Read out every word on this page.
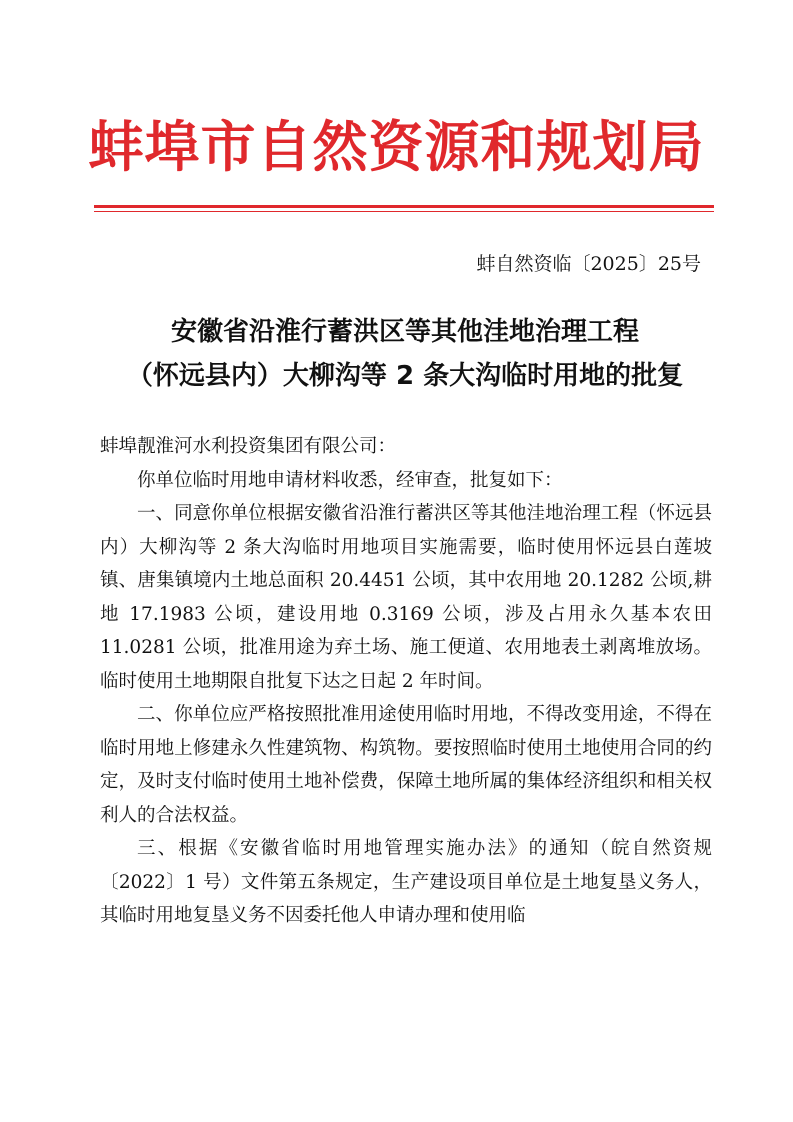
蚌埠市自然资源和规划局
蚌自然资临〔2025〕25号
安徽省沿淮行蓄洪区等其他洼地治理工程
（怀远县内）大柳沟等 2 条大沟临时用地的批复

蚌埠靓淮河水利投资集团有限公司：

你单位临时用地申请材料收悉，经审查，批复如下：

一、同意你单位根据安徽省沿淮行蓄洪区等其他洼地治理工程（怀远县内）大柳沟等 2 条大沟临时用地项目实施需要，临时使用怀远县白莲坡镇、唐集镇境内土地总面积 20.4451 公顷，其中农用地 20.1282 公顷,耕地 17.1983 公顷，建设用地 0.3169 公顷，涉及占用永久基本农田 11.0281 公顷，批准用途为弃土场、施工便道、农用地表土剥离堆放场。临时使用土地期限自批复下达之日起 2 年时间。

二、你单位应严格按照批准用途使用临时用地，不得改变用途，不得在临时用地上修建永久性建筑物、构筑物。要按照临时使用土地使用合同的约定，及时支付临时使用土地补偿费，保障土地所属的集体经济组织和相关权利人的合法权益。

三、根据《安徽省临时用地管理实施办法》的通知（皖自然资规〔2022〕1 号）文件第五条规定，生产建设项目单位是土地复垦义务人，其临时用地复垦义务不因委托他人申请办理和使用临
